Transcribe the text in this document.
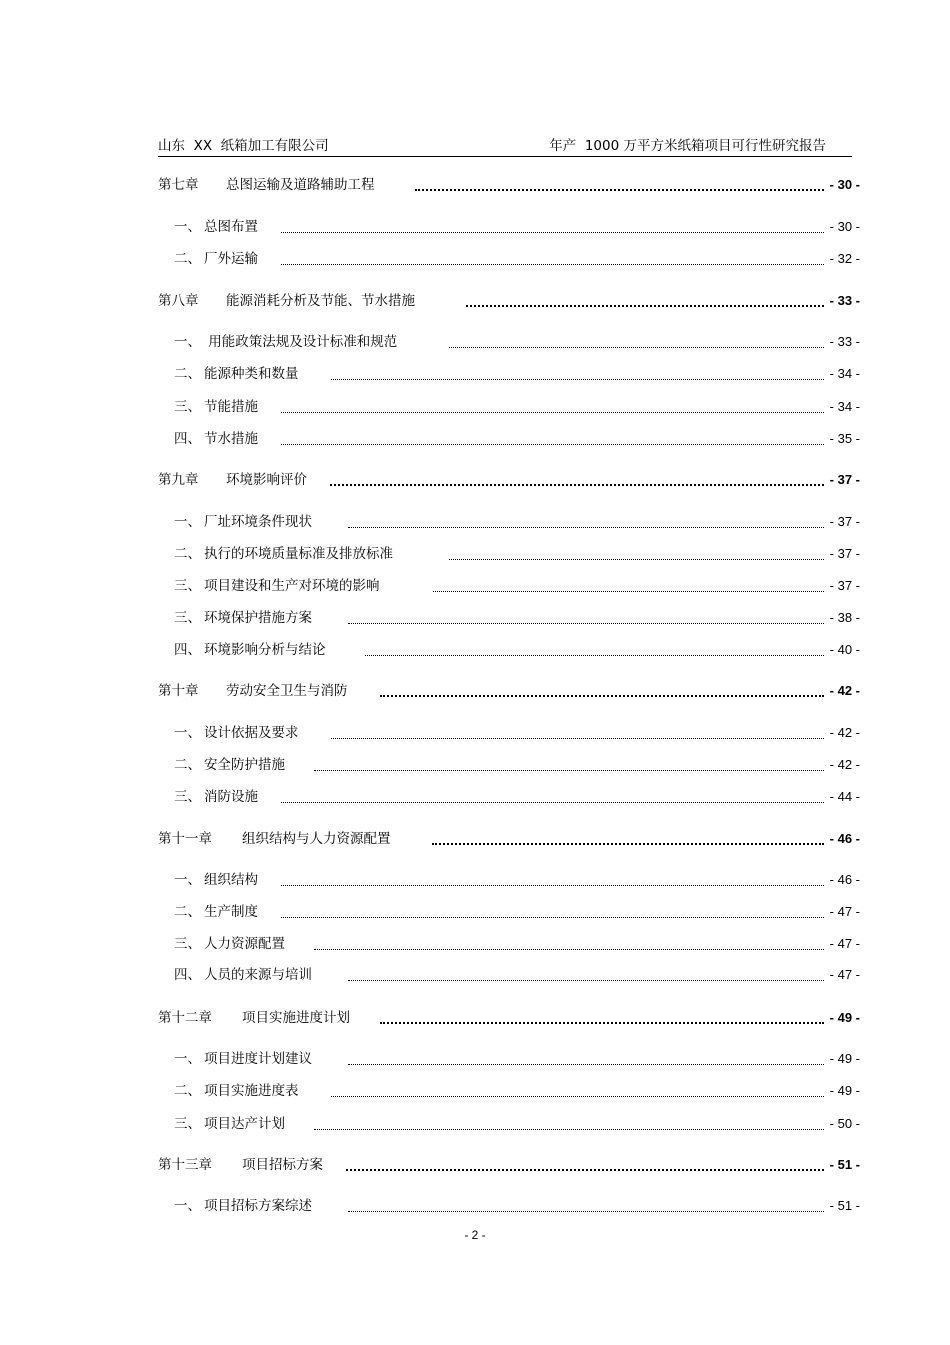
山东  XX  纸箱加工有限公司	年产  1000 万平方米纸箱项目可行性研究报告
第七章	总图运输及道路辅助工程	- 30 -
一、 总图布置	- 30 -
二、 厂外运输	- 32 -
第八章	能源消耗分析及节能、节水措施	- 33 -
一、 用能政策法规及设计标准和规范	- 33 -
二、 能源种类和数量	- 34 -
三、 节能措施	- 34 -
四、 节水措施	- 35 -
第九章	环境影响评价	- 37 -
一、 厂址环境条件现状	- 37 -
二、 执行的环境质量标准及排放标准	- 37 -
三、 项目建设和生产对环境的影响	- 37 -
三、 环境保护措施方案	- 38 -
四、 环境影响分析与结论	- 40 -
第十章	劳动安全卫生与消防	- 42 -
一、 设计依据及要求	- 42 -
二、 安全防护措施	- 42 -
三、 消防设施	- 44 -
第十一章	组织结构与人力资源配置	- 46 -
一、 组织结构	- 46 -
二、 生产制度	- 47 -
三、 人力资源配置	- 47 -
四、 人员的来源与培训	- 47 -
第十二章	项目实施进度计划	- 49 -
一、 项目进度计划建议	- 49 -
二、 项目实施进度表	- 49 -
三、 项目达产计划	- 50 -
第十三章	项目招标方案	- 51 -
一、 项目招标方案综述	- 51 -
- 2 -
